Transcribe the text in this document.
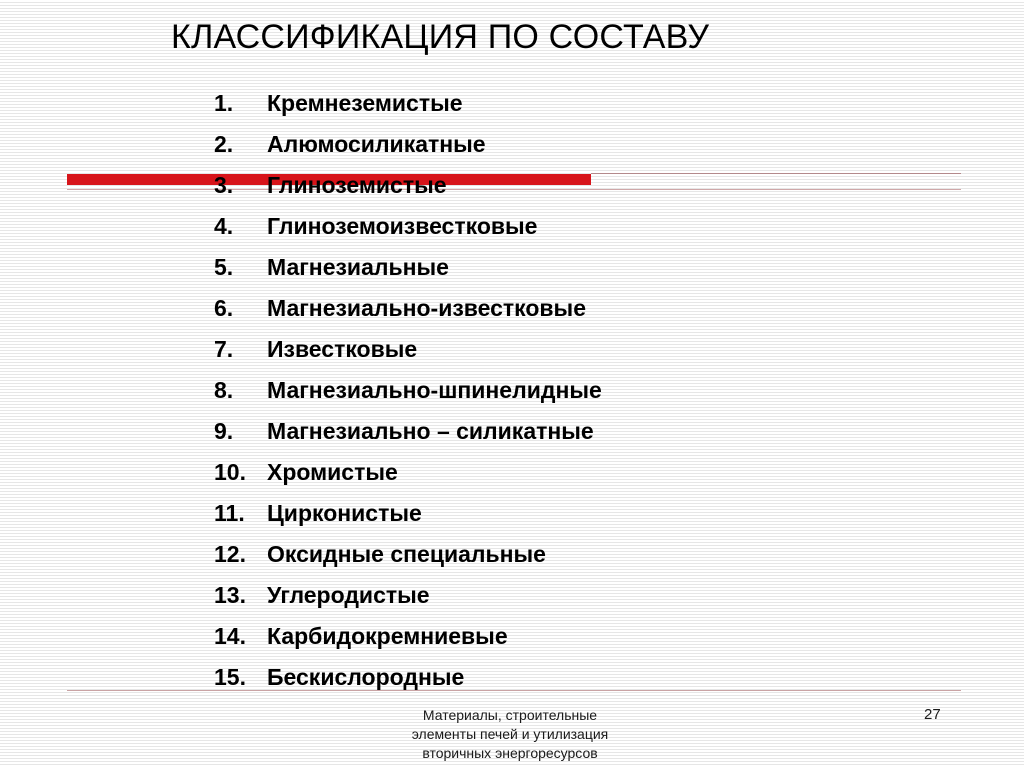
КЛАССИФИКАЦИЯ ПО СОСТАВУ
1.	Кремнеземистые
2.	Алюмосиликатные
3.	Глиноземистые
4.	Глиноземоизвестковые
5.	Магнезиальные
6.	Магнезиально-известковые
7.	Известковые
8.	Магнезиально-шпинелидные
9.	Магнезиально – силикатные
10. Хромистые
11. Цирконистые
12. Оксидные специальные
13. Углеродистые
14. Карбидокремниевые
15. Бескислородные
Материалы, строительные
элементы печей и утилизация
вторичных энергоресурсов
27
